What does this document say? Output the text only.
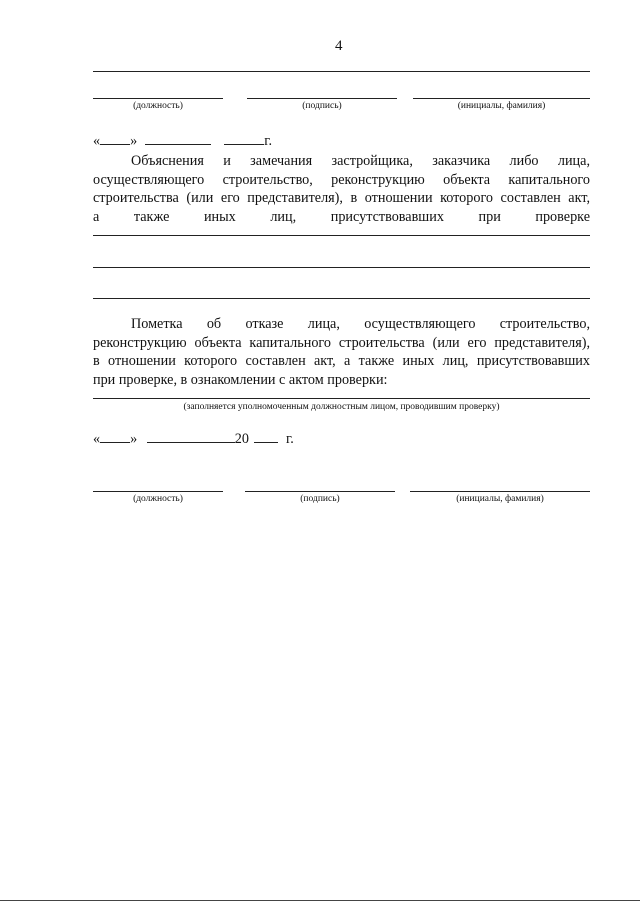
4
(должность)	(подпись)	(инициалы, фамилия)
« »	г.

Объяснения и замечания застройщика, заказчика либо лица,

осуществляющего строительство, реконструкцию объекта капитального

строительства (или его представителя), в отношении которого составлен акт,

а также иных лиц, присутствовавших при проверке

Пометка об отказе лица, осуществляющего строительство,

реконструкцию объекта капитального строительства (или его представителя),

в отношении которого составлен акт, а также иных лиц, присутствовавших

при проверке, в ознакомлении с актом проверки:

(заполняется уполномоченным должностным лицом, проводившим проверку)
« »	20	г.
(должность)	(подпись)	(инициалы, фамилия)
